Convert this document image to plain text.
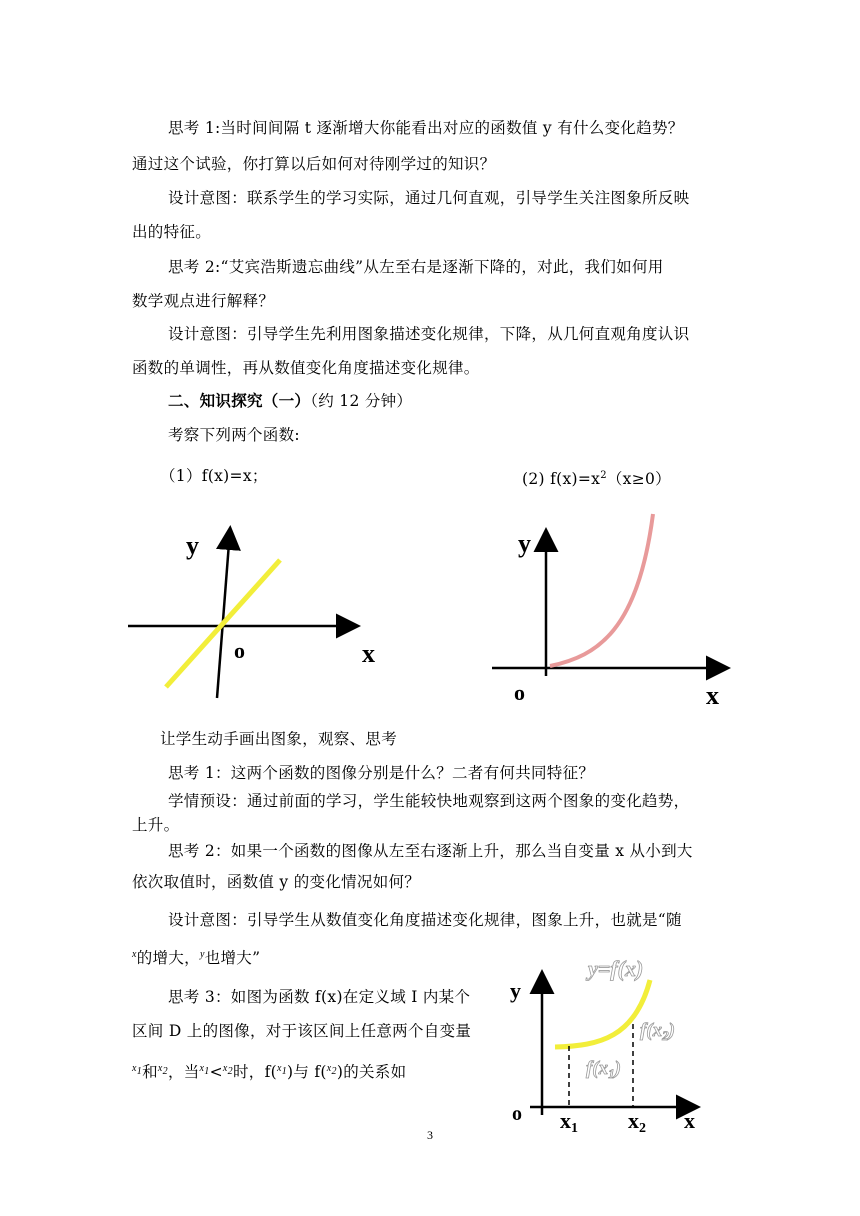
思考 1:当时间间隔 t 逐渐增大你能看出对应的函数值 y 有什么变化趋势？
通过这个试验，你打算以后如何对待刚学过的知识？
设计意图：联系学生的学习实际，通过几何直观，引导学生关注图象所反映
出的特征。
思考 2:“艾宾浩斯遗忘曲线”从左至右是逐渐下降的，对此，我们如何用
数学观点进行解释？
设计意图：引导学生先利用图象描述变化规律，下降，从几何直观角度认识
函数的单调性，再从数值变化角度描述变化规律。
二、知识探究（一）（约 12 分钟）
考察下列两个函数:
（1）f(x)=x；	(2) $f(x)=x^2(x\ge 0)$
y
o	x
y
o	x
让学生动手画出图象，观察、思考
思考 1：这两个函数的图像分别是什么？二者有何共同特征？
学情预设：通过前面的学习，学生能较快地观察到这两个图象的变化趋势，
上升。
思考 2：如果一个函数的图像从左至右逐渐上升，那么当自变量 x 从小到大
依次取值时，函数值 y 的变化情况如何？
设计意图：引导学生从数值变化角度描述变化规律，图象上升，也就是“随
$^x$的增大，$^y$也增大”
思考 3：如图为函数 f(x)在定义域 I 内某个
区间 D 上的图像，对于该区间上任意两个自变量
$^{x_1}$和$^{x_2}$，当$^{x_1}$<$^{x_2}$时，f($^{x_1}$)与 f($^{x_2}$)的关系如
y=f(x)
$f(x_2)$
$f(x_1)$
y
o x1 x2 x
3
